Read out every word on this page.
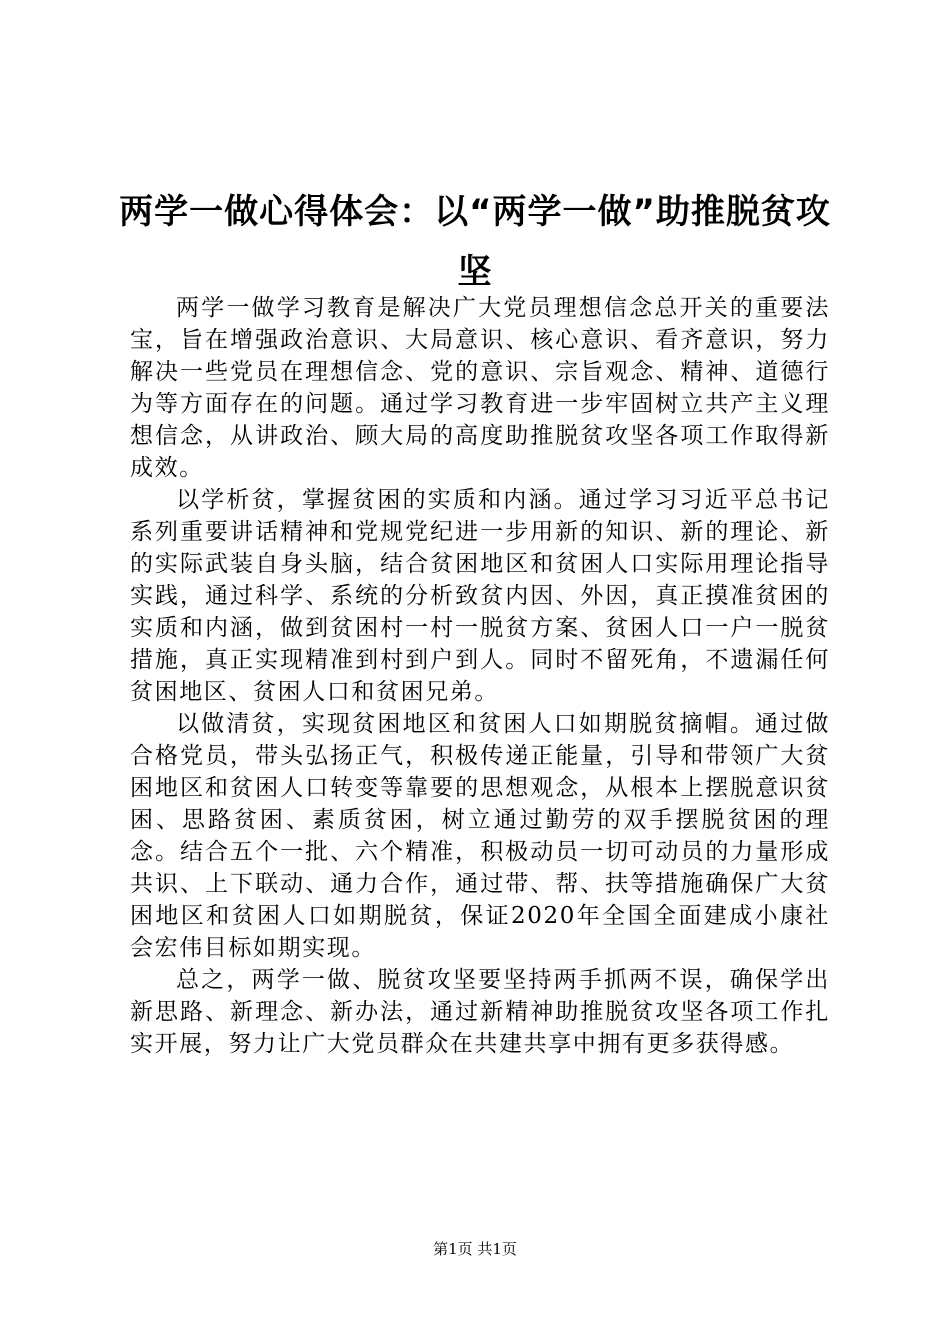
两学一做心得体会：以“两学一做”助推脱贫攻坚

两学一做学习教育是解决广大党员理想信念总开关的重要法宝，旨在增强政治意识、大局意识、核心意识、看齐意识，努力解决一些党员在理想信念、党的意识、宗旨观念、精神、道德行为等方面存在的问题。通过学习教育进一步牢固树立共产主义理想信念，从讲政治、顾大局的高度助推脱贫攻坚各项工作取得新成效。

以学析贫，掌握贫困的实质和内涵。通过学习习近平总书记系列重要讲话精神和党规党纪进一步用新的知识、新的理论、新的实际武装自身头脑，结合贫困地区和贫困人口实际用理论指导实践，通过科学、系统的分析致贫内因、外因，真正摸准贫困的实质和内涵，做到贫困村一村一脱贫方案、贫困人口一户一脱贫措施，真正实现精准到村到户到人。同时不留死角，不遗漏任何贫困地区、贫困人口和贫困兄弟。

以做清贫，实现贫困地区和贫困人口如期脱贫摘帽。通过做合格党员，带头弘扬正气，积极传递正能量，引导和带领广大贫困地区和贫困人口转变等靠要的思想观念，从根本上摆脱意识贫困、思路贫困、素质贫困，树立通过勤劳的双手摆脱贫困的理念。结合五个一批、六个精准，积极动员一切可动员的力量形成共识、上下联动、通力合作，通过带、帮、扶等措施确保广大贫困地区和贫困人口如期脱贫，保证2020年全国全面建成小康社会宏伟目标如期实现。

总之，两学一做、脱贫攻坚要坚持两手抓两不误，确保学出新思路、新理念、新办法，通过新精神助推脱贫攻坚各项工作扎实开展，努力让广大党员群众在共建共享中拥有更多获得感。

第1页 共1页
